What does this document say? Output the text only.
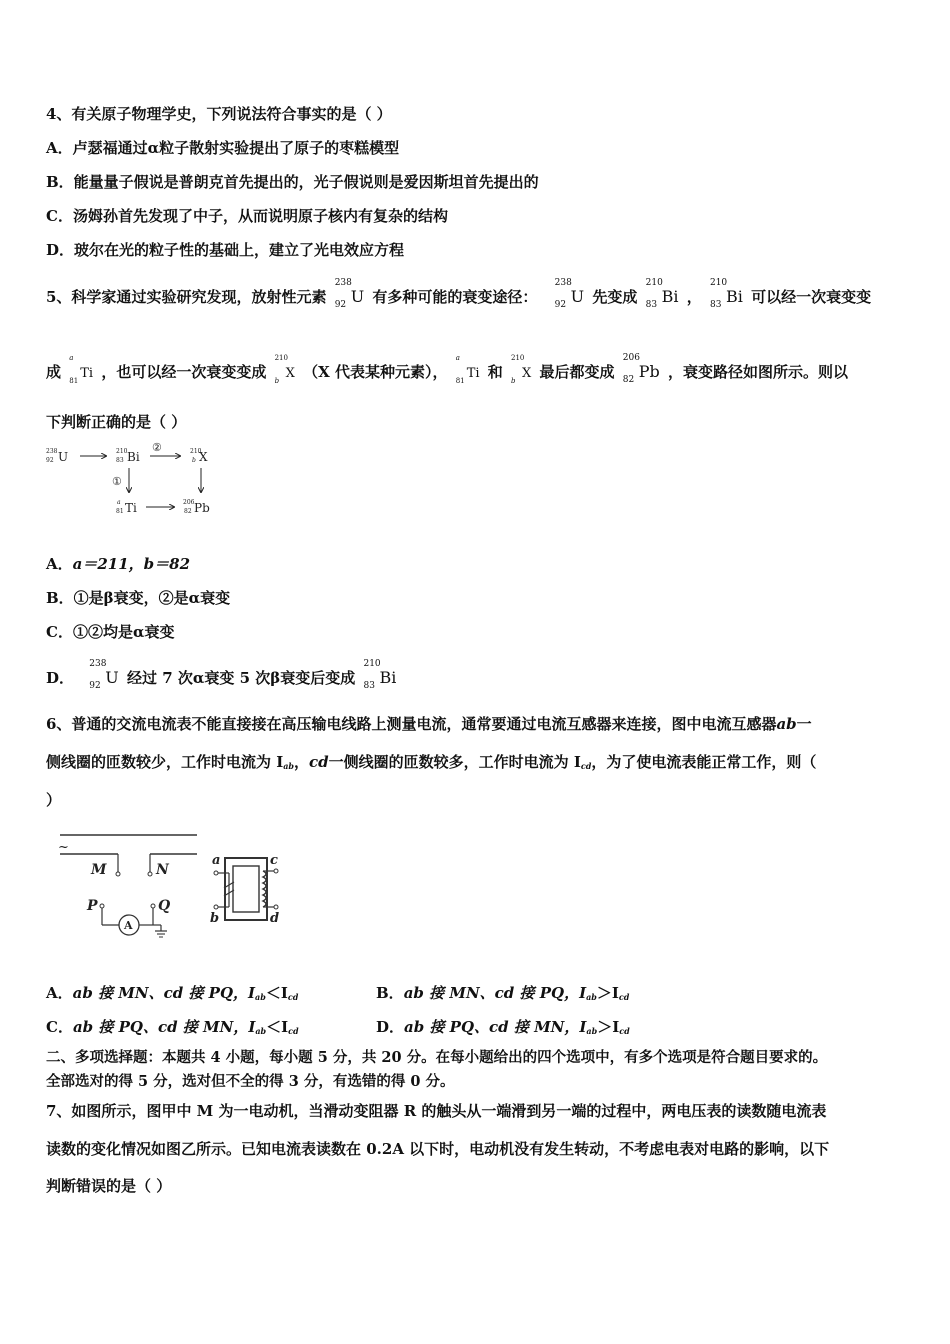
4、有关原子物理学史，下列说法符合事实的是（ ）
A．卢瑟福通过α粒子散射实验提出了原子的枣糕模型
B．能量量子假说是普朗克首先提出的，光子假说则是爱因斯坦首先提出的
C．汤姆孙首先发现了中子，从而说明原子核内有复杂的结构
D．玻尔在光的粒子性的基础上，建立了光电效应方程
5、科学家通过实验研究发现，放射性元素
238
92 U 有多种可能的衰变途径：
238
92 U 先变成
210
83 Bi ，
210
83 Bi 可以经一次衰变变
成
a
81 Ti ，也可以经一次衰变变成
210
b X （X 代表某种元素），
a
81 Ti 和
210
b X 最后都变成
206
82 Pb ，衰变路径如图所示。则以
下判断正确的是（ ）
238
92
210
83
210
b
a
81
206
82
U	Bi	X
Ti	Pb
②
①
A．a＝211，b＝82
B．①是β衰变，②是α衰变
C．①②均是α衰变
D．
238
92 U 经过 7 次α衰变 5 次β衰变后变成
210
83 Bi
6、普通的交流电流表不能直接接在高压输电线路上测量电流，通常要通过电流互感器来连接，图中电流互感器ab一
侧线圈的匝数较少，工作时电流为 Iab，cd一侧线圈的匝数较多，工作时电流为 Icd，为了使电流表能正常工作，则（
）
~
M	N
P
A
Q
a
b
c
d
A．ab 接 MN、cd 接 PQ，Iab＜Icd	B．ab 接 MN、cd 接 PQ，Iab＞Icd
C．ab 接 PQ、cd 接 MN，Iab＜Icd	D．ab 接 PQ、cd 接 MN，Iab＞Icd
二、多项选择题：本题共 4 小题，每小题 5 分，共 20 分。在每小题给出的四个选项中，有多个选项是符合题目要求的。
全部选对的得 5 分，选对但不全的得 3 分，有选错的得 0 分。
7、如图所示，图甲中 M 为一电动机，当滑动变阻器 R 的触头从一端滑到另一端的过程中，两电压表的读数随电流表
读数的变化情况如图乙所示。已知电流表读数在 0.2A 以下时，电动机没有发生转动，不考虑电表对电路的影响，以下
判断错误的是（ ）
